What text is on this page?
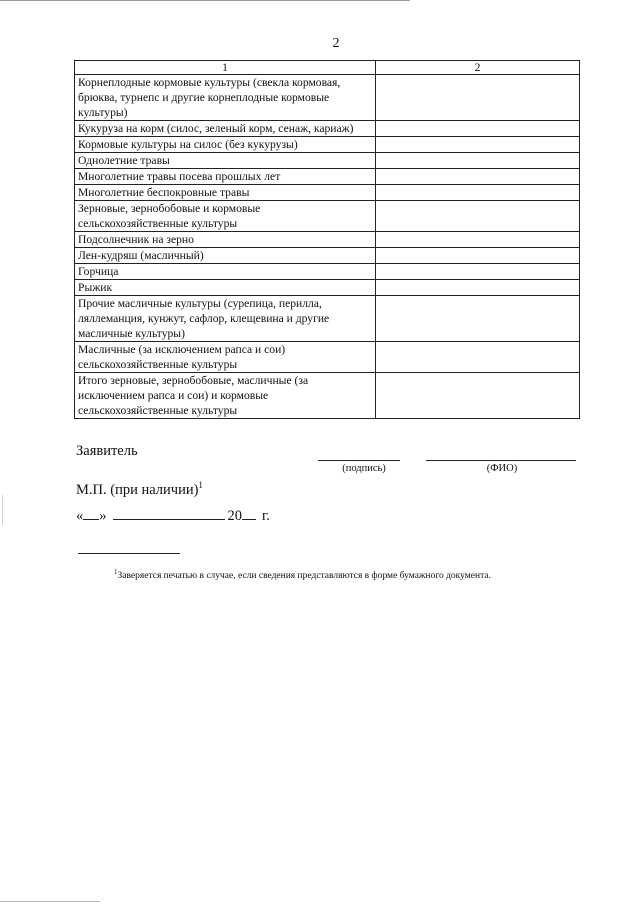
2
1	2
Корнеплодные кормовые культуры (свекла кормовая, брюква, турнепс и другие корнеплодные кормовые культуры)	
Кукуруза на корм (силос, зеленый корм, сенаж, кариаж)	
Кормовые культуры на силос (без кукурузы)	
Однолетние травы	
Многолетние травы посева прошлых лет	
Многолетние беспокровные травы	
Зерновые, зернобобовые и кормовые сельскохозяйственные культуры	
Подсолнечник на зерно	
Лен-кудряш (масличный)	
Горчица	
Рыжик	
Прочие масличные культуры (сурепица, перилла, ляллеманция, кунжут, сафлор, клещевина и другие масличные культуры)	
Масличные (за исключением рапса и сои) сельскохозяйственные культуры	
Итого зерновые, зернобобовые, масличные (за исключением рапса и сои) и кормовые сельскохозяйственные культуры	
Заявитель
(подпись)	(ФИО)
М.П. (при наличии)$^1$
« »	20 г.
$^1$Заверяется печатью в случае, если сведения представляются в форме бумажного документа.
